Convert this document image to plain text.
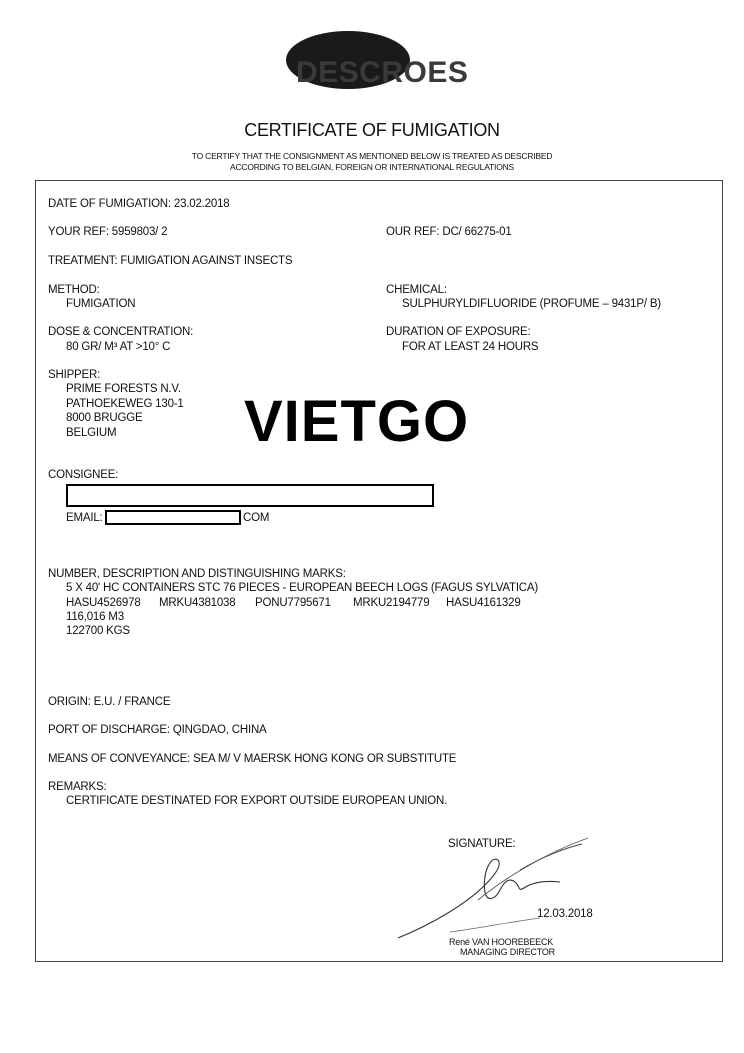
DESCROES
CERTIFICATE OF FUMIGATION
TO CERTIFY THAT THE CONSIGNMENT AS MENTIONED BELOW IS TREATED AS DESCRIBED
ACCORDING TO BELGIAN, FOREIGN OR INTERNATIONAL REGULATIONS
DATE OF FUMIGATION: 23.02.2018
YOUR REF: 5959803/ 2	OUR REF: DC/ 66275-01
TREATMENT: FUMIGATION AGAINST INSECTS
METHOD:
FUMIGATION
CHEMICAL:
SULPHURYLDIFLUORIDE (PROFUME – 9431P/ B)
DOSE & CONCENTRATION:
80 GR/ M³ AT >10° C
DURATION OF EXPOSURE:
FOR AT LEAST 24 HOURS
SHIPPER:
PRIME FORESTS N.V.
PATHOEKEWEG 130-1
8000 BRUGGE
BELGIUM VIETGO
CONSIGNEE:
EMAIL:	COM
NUMBER, DESCRIPTION AND DISTINGUISHING MARKS:
5 X 40' HC CONTAINERS STC 76 PIECES - EUROPEAN BEECH LOGS (FAGUS SYLVATICA)
HASU4526978 MRKU4381038 PONU7795671 MRKU2194779 HASU4161329
116,016 M3
122700 KGS
ORIGIN: E.U. / FRANCE
PORT OF DISCHARGE: QINGDAO, CHINA
MEANS OF CONVEYANCE: SEA M/ V MAERSK HONG KONG OR SUBSTITUTE
REMARKS:
CERTIFICATE DESTINATED FOR EXPORT OUTSIDE EUROPEAN UNION.
SIGNATURE:
12.03.2018
René VAN HOOREBEECK
MANAGING DIRECTOR
